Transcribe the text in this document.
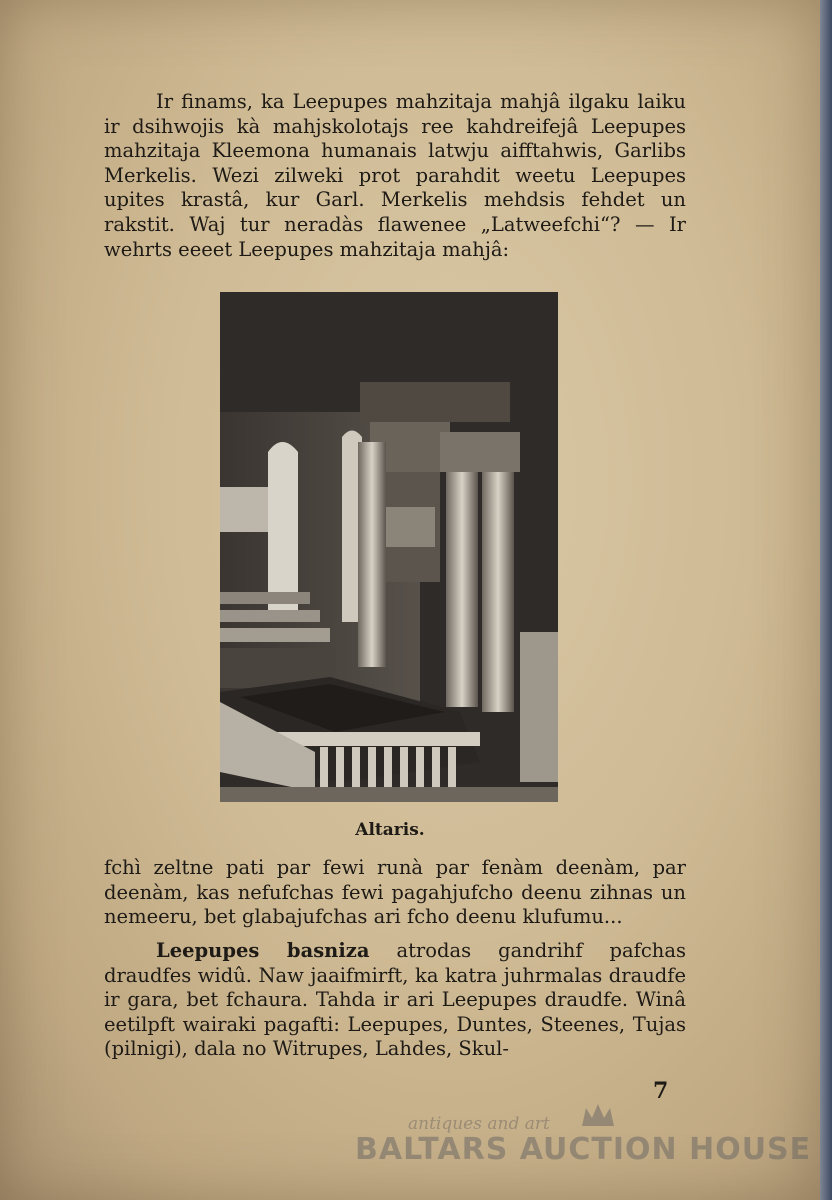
Ir finams, ka Leepupes mahzitaja mahjâ ilgaku laiku ir dsihwojis kà mahjskolotajs ree kahdreifejâ Leepupes mahzitaja Kleemona humanais latwju aifftahwis, Garlibs Merkelis. Wezi zilweki prot parahdit weetu Leepupes upites krastâ, kur Garl. Merkelis mehdsis fehdet un rakstit. Waj tur neradàs flawenee „Latweefchi“? — Ir wehrts eeeet Leepupes mahzitaja mahjâ:

Altaris.

fchì zeltne pati par fewi runà par fenàm deenàm, par deenàm, kas nefufchas fewi pagahjufcho deenu zihnas un nemeeru, bet glabajufchas ari fcho deenu klufumu...

Leepupes basniza atrodas gandrihf pafchas draudfes widû. Naw jaaifmirft, ka katra juhrmalas draudfe ir gara, bet fchaura. Tahda ir ari Leepupes draudfe. Winâ eetilpft wairaki pagafti: Leepupes, Duntes, Steenes, Tujas (pilnigi), dala no Witrupes, Lahdes, Skul-

7
antiques and art
BALTARS AUCTION HOUSE
